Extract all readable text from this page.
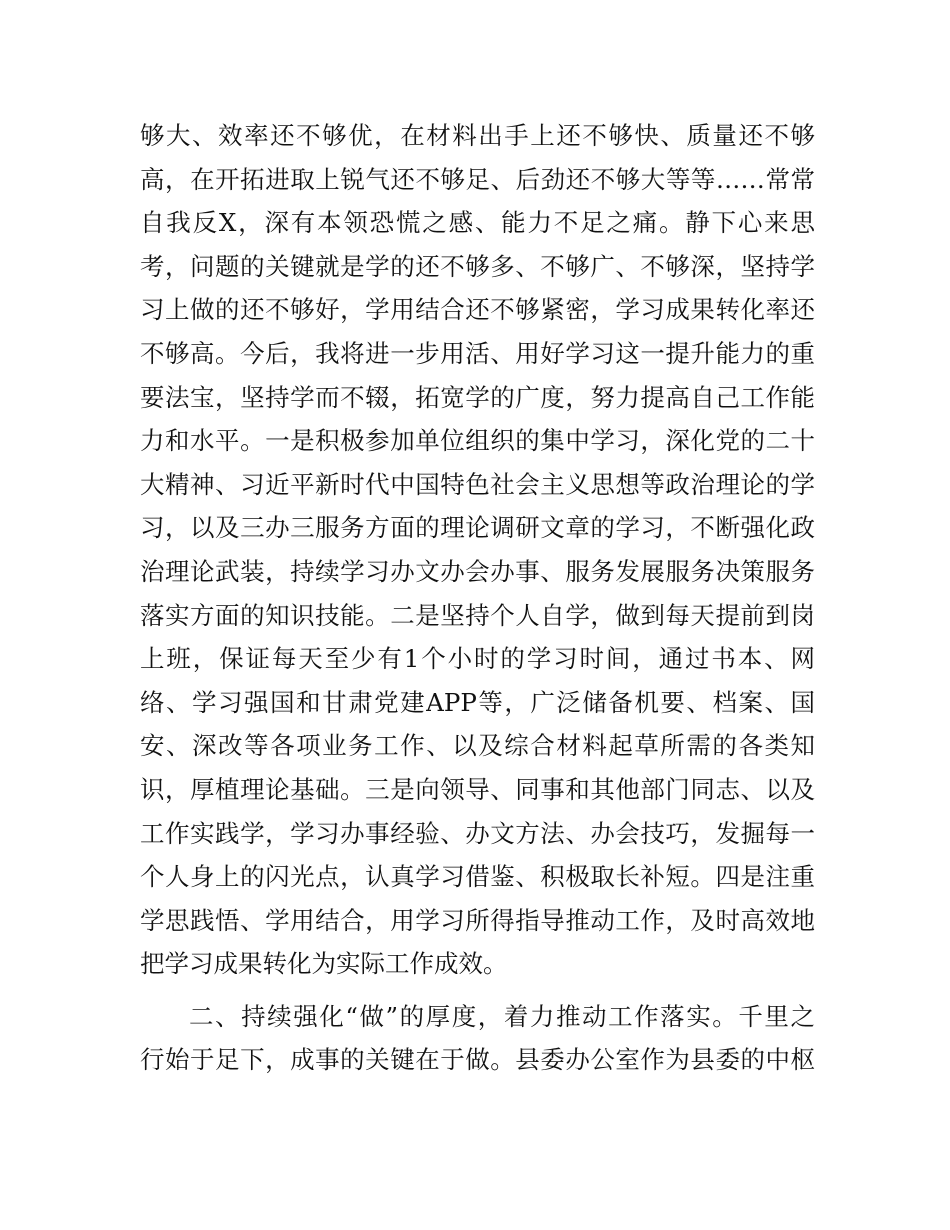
够大、效率还不够优，在材料出手上还不够快、质量还不够
高，在开拓进取上锐气还不够足、后劲还不够大等等……常常
自我反X，深有本领恐慌之感、能力不足之痛。静下心来思
考，问题的关键就是学的还不够多、不够广、不够深，坚持学
习上做的还不够好，学用结合还不够紧密，学习成果转化率还
不够高。今后，我将进一步用活、用好学习这一提升能力的重
要法宝，坚持学而不辍，拓宽学的广度，努力提高自己工作能
力和水平。一是积极参加单位组织的集中学习，深化党的二十
大精神、习近平新时代中国特色社会主义思想等政治理论的学
习，以及三办三服务方面的理论调研文章的学习，不断强化政
治理论武装，持续学习办文办会办事、服务发展服务决策服务
落实方面的知识技能。二是坚持个人自学，做到每天提前到岗
上班，保证每天至少有1个小时的学习时间，通过书本、网
络、学习强国和甘肃党建APP等，广泛储备机要、档案、国
安、深改等各项业务工作、以及综合材料起草所需的各类知
识，厚植理论基础。三是向领导、同事和其他部门同志、以及
工作实践学，学习办事经验、办文方法、办会技巧，发掘每一
个人身上的闪光点，认真学习借鉴、积极取长补短。四是注重
学思践悟、学用结合，用学习所得指导推动工作，及时高效地
把学习成果转化为实际工作成效。
二、持续强化“做”的厚度，着力推动工作落实。千里之
行始于足下，成事的关键在于做。县委办公室作为县委的中枢
